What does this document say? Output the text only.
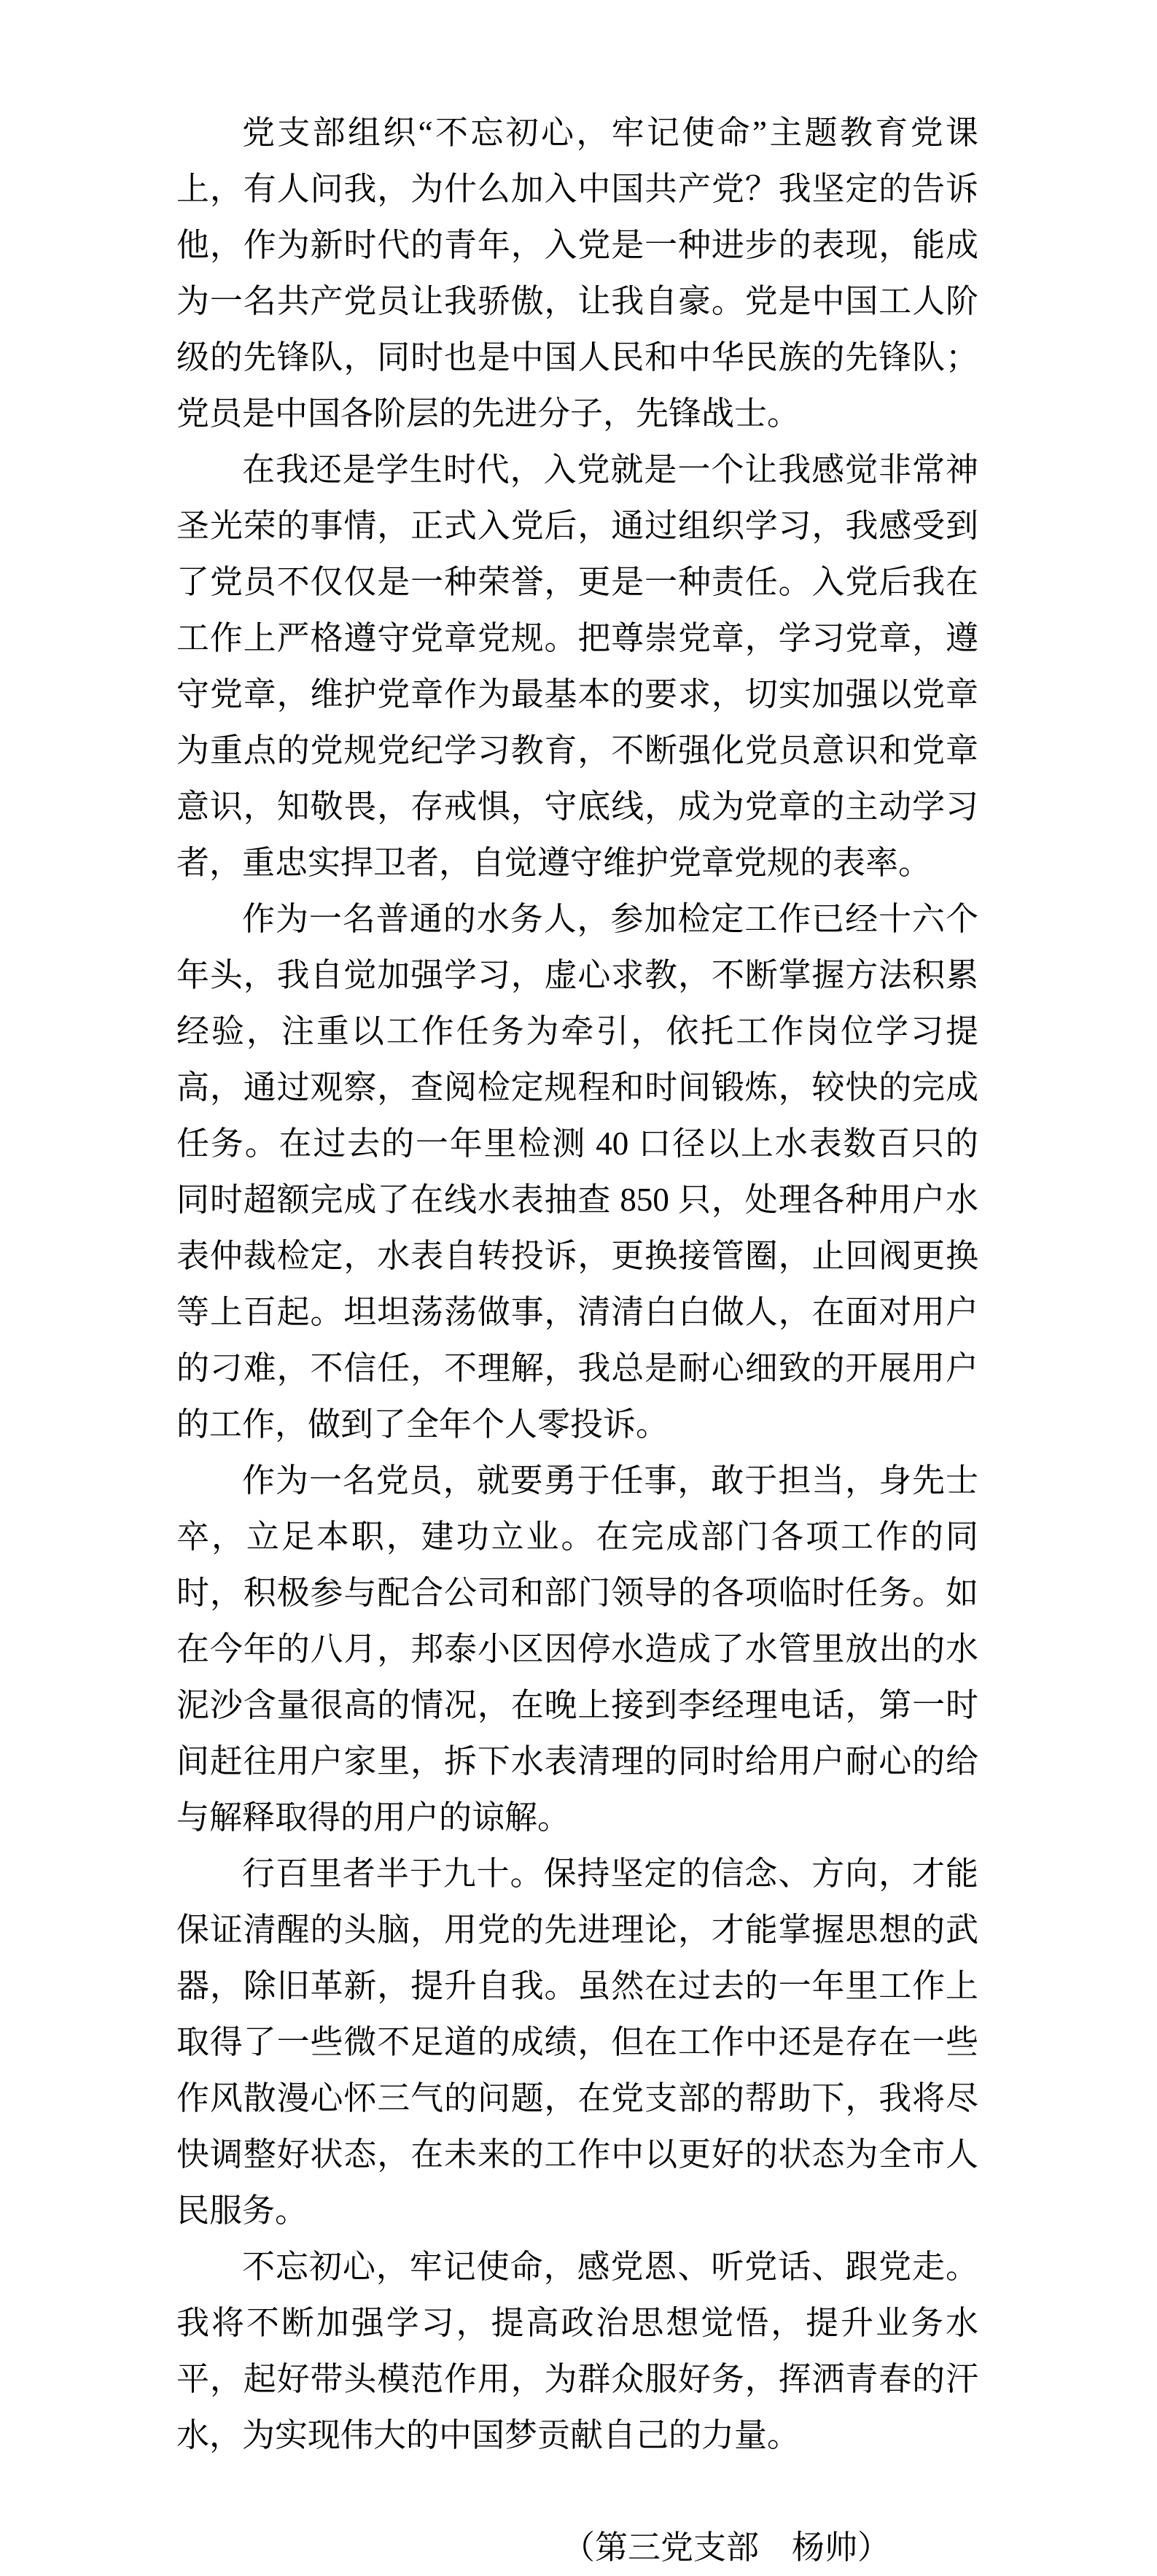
党支部组织“不忘初心，牢记使命”主题教育党课上，有人问我，为什么加入中国共产党？我坚定的告诉他，作为新时代的青年，入党是一种进步的表现，能成为一名共产党员让我骄傲，让我自豪。党是中国工人阶级的先锋队，同时也是中国人民和中华民族的先锋队；党员是中国各阶层的先进分子，先锋战士。

在我还是学生时代，入党就是一个让我感觉非常神圣光荣的事情，正式入党后，通过组织学习，我感受到了党员不仅仅是一种荣誉，更是一种责任。入党后我在工作上严格遵守党章党规。把尊崇党章，学习党章，遵守党章，维护党章作为最基本的要求，切实加强以党章为重点的党规党纪学习教育，不断强化党员意识和党章意识，知敬畏，存戒惧，守底线，成为党章的主动学习者，重忠实捍卫者，自觉遵守维护党章党规的表率。

作为一名普通的水务人，参加检定工作已经十六个年头，我自觉加强学习，虚心求教，不断掌握方法积累经验，注重以工作任务为牵引，依托工作岗位学习提高，通过观察，查阅检定规程和时间锻炼，较快的完成任务。在过去的一年里检测 40 口径以上水表数百只的同时超额完成了在线水表抽查 850 只，处理各种用户水表仲裁检定，水表自转投诉，更换接管圈，止回阀更换等上百起。坦坦荡荡做事，清清白白做人，在面对用户的刁难，不信任，不理解，我总是耐心细致的开展用户的工作，做到了全年个人零投诉。

作为一名党员，就要勇于任事，敢于担当，身先士卒，立足本职，建功立业。在完成部门各项工作的同时，积极参与配合公司和部门领导的各项临时任务。如在今年的八月，邦泰小区因停水造成了水管里放出的水泥沙含量很高的情况，在晚上接到李经理电话，第一时间赶往用户家里，拆下水表清理的同时给用户耐心的给与解释取得的用户的谅解。

行百里者半于九十。保持坚定的信念、方向，才能保证清醒的头脑，用党的先进理论，才能掌握思想的武器，除旧革新，提升自我。虽然在过去的一年里工作上取得了一些微不足道的成绩，但在工作中还是存在一些作风散漫心怀三气的问题，在党支部的帮助下，我将尽快调整好状态，在未来的工作中以更好的状态为全市人民服务。

不忘初心，牢记使命，感党恩、听党话、跟党走。我将不断加强学习，提高政治思想觉悟，提升业务水平，起好带头模范作用，为群众服好务，挥洒青春的汗水，为实现伟大的中国梦贡献自己的力量。

（第三党支部　杨帅）
